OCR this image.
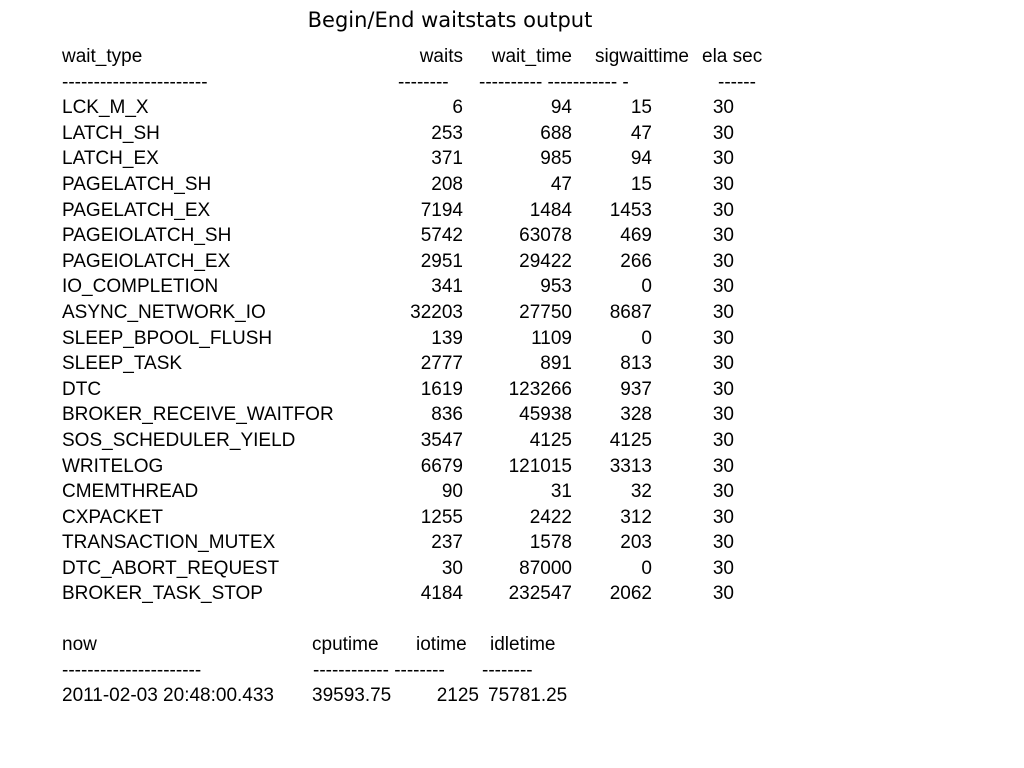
Begin/End waitstats output
wait_type	waits wait_time sigwaittime ela sec
-----------------------	-------- ---------- ----------- -	------
LCK_M_X	6	94	15	30
LATCH_SH	253	688	47	30
LATCH_EX	371	985	94	30
PAGELATCH_SH	208	47	15	30
PAGELATCH_EX	7194	1484 1453	30
PAGEIOLATCH_SH	5742	63078	469	30
PAGEIOLATCH_EX	2951	29422	266	30
IO_COMPLETION	341	953	0	30
ASYNC_NETWORK_IO	32203	27750 8687	30
SLEEP_BPOOL_FLUSH	139	1109	0	30
SLEEP_TASK	2777	891	813	30
DTC	1619 123266	937	30
BROKER_RECEIVE_WAITFOR	836	45938	328	30
SOS_SCHEDULER_YIELD	3547	4125 4125	30
WRITELOG	6679 121015 3313	30
CMEMTHREAD	90	31	32	30
CXPACKET	1255	2422	312	30
TRANSACTION_MUTEX	237	1578	203	30
DTC_ABORT_REQUEST	30	87000	0	30
BROKER_TASK_STOP	4184 232547 2062	30
now	cputime iotime idletime
----------------------	------------ -------- --------
2011-02-03 20:48:00.433 39593.75 2125 75781.25
